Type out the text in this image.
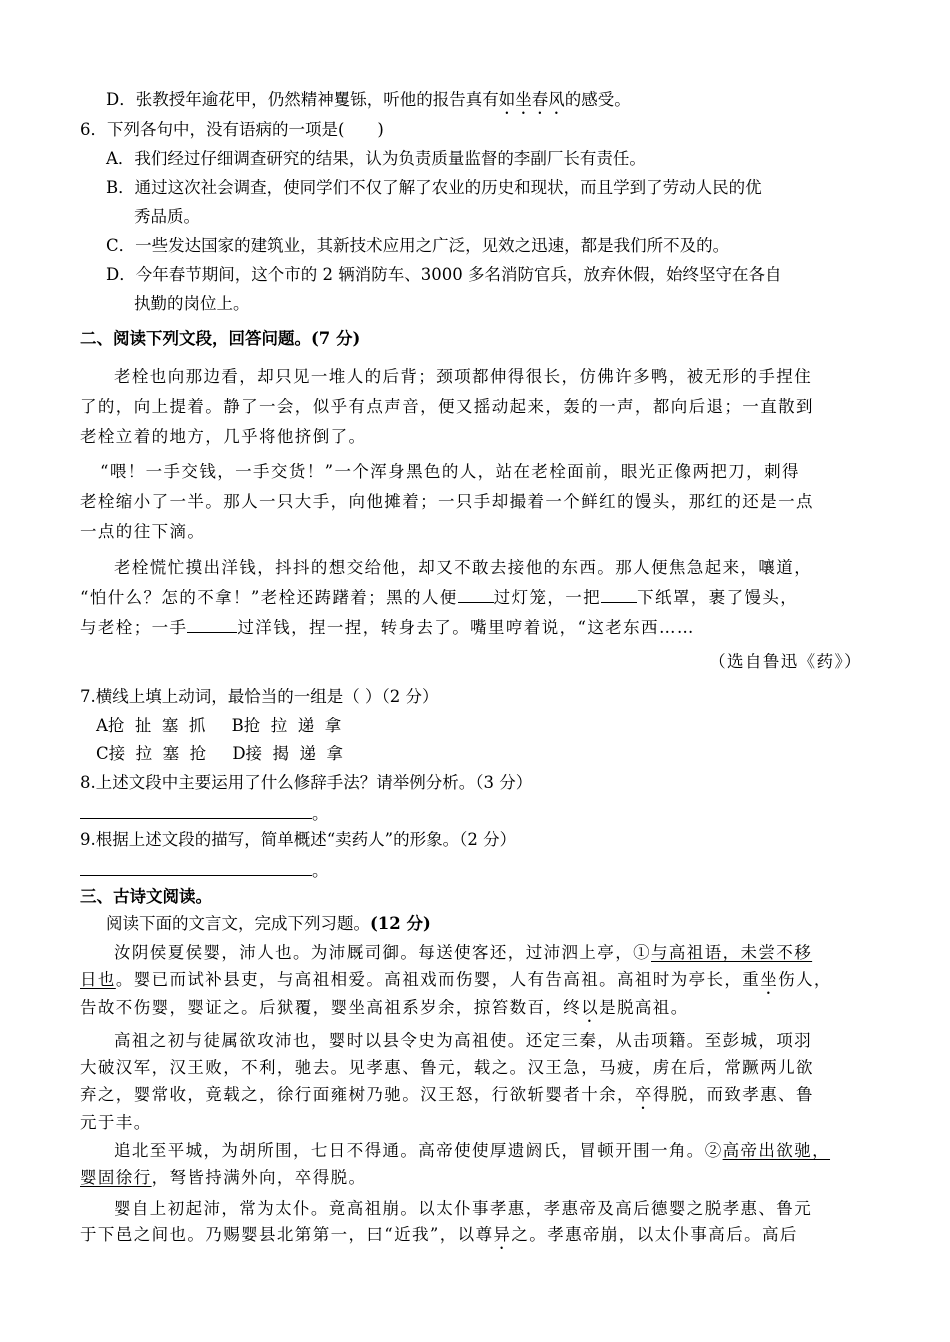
D．张教授年逾花甲，仍然精神矍铄，听他的报告真有如坐春风的感受。
6．下列各句中，没有语病的一项是(　　)
A．我们经过仔细调查研究的结果，认为负责质量监督的李副厂长有责任。
B．通过这次社会调查，使同学们不仅了解了农业的历史和现状，而且学到了劳动人民的优
秀品质。
C．一些发达国家的建筑业，其新技术应用之广泛，见效之迅速，都是我们所不及的。
D．今年春节期间，这个市的 2 辆消防车、3000 多名消防官兵，放弃休假，始终坚守在各自
执勤的岗位上。
二、阅读下列文段，回答问题。(7 分)
老栓也向那边看，却只见一堆人的后背；颈项都伸得很长，仿佛许多鸭，被无形的手捏住
了的，向上提着。静了一会，似乎有点声音，便又摇动起来，轰的一声，都向后退；一直散到
老栓立着的地方，几乎将他挤倒了。
“喂！一手交钱，一手交货！”一个浑身黑色的人，站在老栓面前，眼光正像两把刀，刺得
老栓缩小了一半。那人一只大手，向他摊着；一只手却撮着一个鲜红的馒头，那红的还是一点
一点的往下滴。
老栓慌忙摸出洋钱，抖抖的想交给他，却又不敢去接他的东西。那人便焦急起来，嚷道，
“怕什么？怎的不拿！”老栓还踌躇着；黑的人便 过灯笼，一把 下纸罩，裹了馒头，
与老栓；一手	过洋钱，捏一捏，转身去了。嘴里哼着说，“这老东西……
（选自鲁迅《药》）
7.横线上填上动词，最恰当的一组是（ ）（2 分）
A抢  扯  塞  抓     B抢  拉  递  拿
C接  拉  塞  抢     D接  揭  递  拿
8.上述文段中主要运用了什么修辞手法？请举例分析。（3 分）
。
9.根据上述文段的描写，简单概述“卖药人”的形象。（2 分）
。
三、古诗文阅读。
阅读下面的文言文，完成下列习题。(12 分)
汝阴侯夏侯婴，沛人也。为沛厩司御。每送使客还，过沛泗上亭，①与高祖语，未尝不移
日也。婴已而试补县吏，与高祖相爱。高祖戏而伤婴，人有告高祖。高祖时为亭长，重坐伤人，
告故不伤婴，婴证之。后狱覆，婴坐高祖系岁余，掠笞数百，终以是脱高祖。
高祖之初与徒属欲攻沛也，婴时以县令史为高祖使。还定三秦，从击项籍。至彭城，项羽
大破汉军，汉王败，不利，驰去。见孝惠、鲁元，载之。汉王急，马疲，虏在后，常蹶两儿欲
弃之，婴常收，竟载之，徐行面雍树乃驰。汉王怒，行欲斩婴者十余，卒得脱，而致孝惠、鲁
元于丰。
追北至平城，为胡所围，七日不得通。高帝使使厚遗阏氏，冒顿开围一角。②高帝出欲驰，
婴固徐行，弩皆持满外向，卒得脱。
婴自上初起沛，常为太仆。竟高祖崩。以太仆事孝惠，孝惠帝及高后德婴之脱孝惠、鲁元
于下邑之间也。乃赐婴县北第第一，曰“近我”，以尊异之。孝惠帝崩，以太仆事高后。高后
